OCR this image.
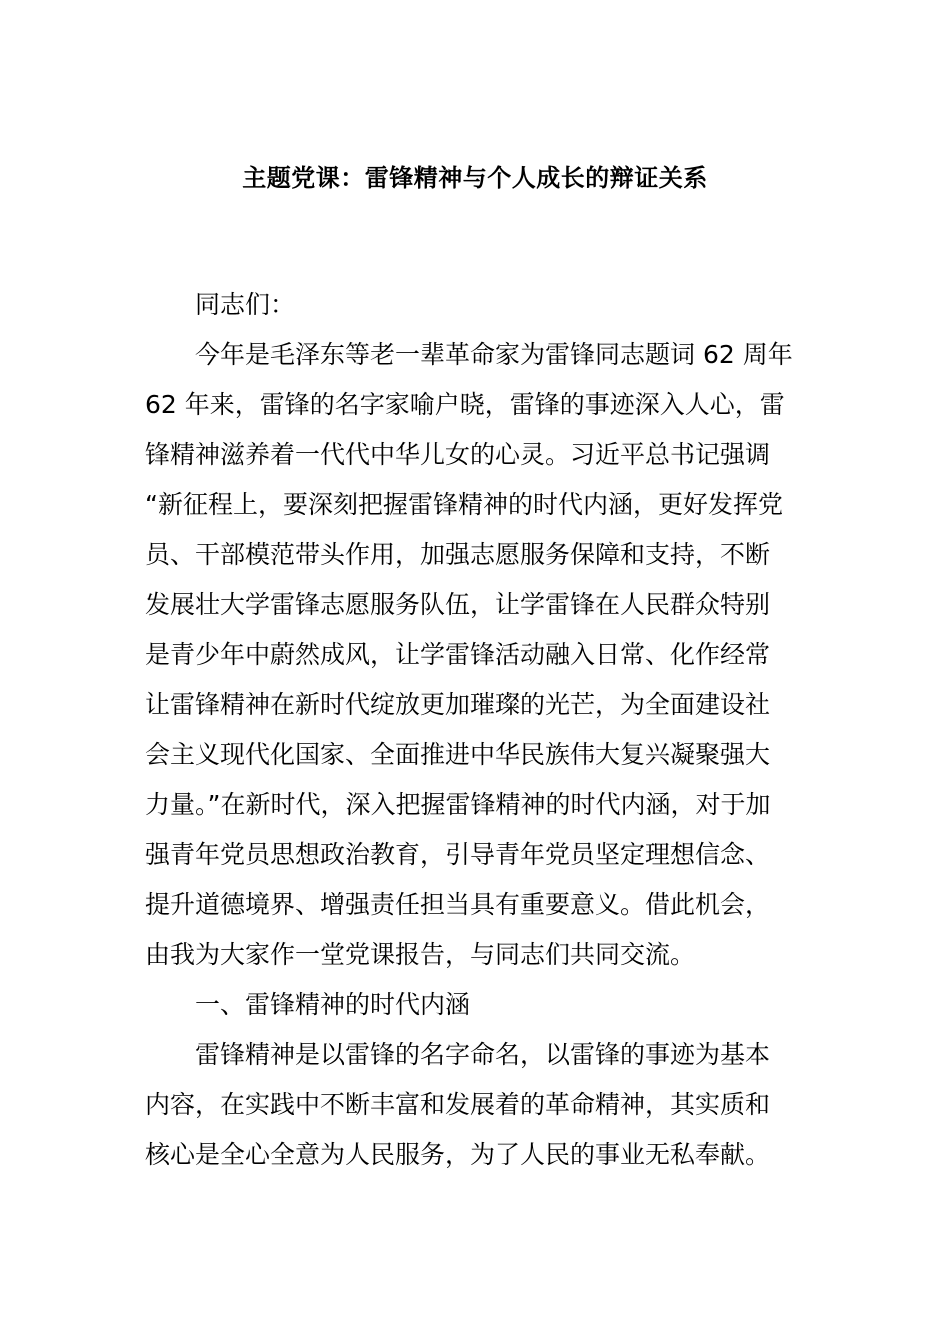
主题党课：雷锋精神与个人成长的辩证关系
同志们：
今年是毛泽东等老一辈革命家为雷锋同志题词 62 周年
62 年来，雷锋的名字家喻户晓，雷锋的事迹深入人心，雷
锋精神滋养着一代代中华儿女的心灵。习近平总书记强调
“新征程上，要深刻把握雷锋精神的时代内涵，更好发挥党
员、干部模范带头作用，加强志愿服务保障和支持，不断
发展壮大学雷锋志愿服务队伍，让学雷锋在人民群众特别
是青少年中蔚然成风，让学雷锋活动融入日常、化作经常
让雷锋精神在新时代绽放更加璀璨的光芒，为全面建设社
会主义现代化国家、全面推进中华民族伟大复兴凝聚强大
力量。”在新时代，深入把握雷锋精神的时代内涵，对于加
强青年党员思想政治教育，引导青年党员坚定理想信念、
提升道德境界、增强责任担当具有重要意义。借此机会，
由我为大家作一堂党课报告，与同志们共同交流。
一、雷锋精神的时代内涵
雷锋精神是以雷锋的名字命名，以雷锋的事迹为基本
内容，在实践中不断丰富和发展着的革命精神，其实质和
核心是全心全意为人民服务，为了人民的事业无私奉献。
